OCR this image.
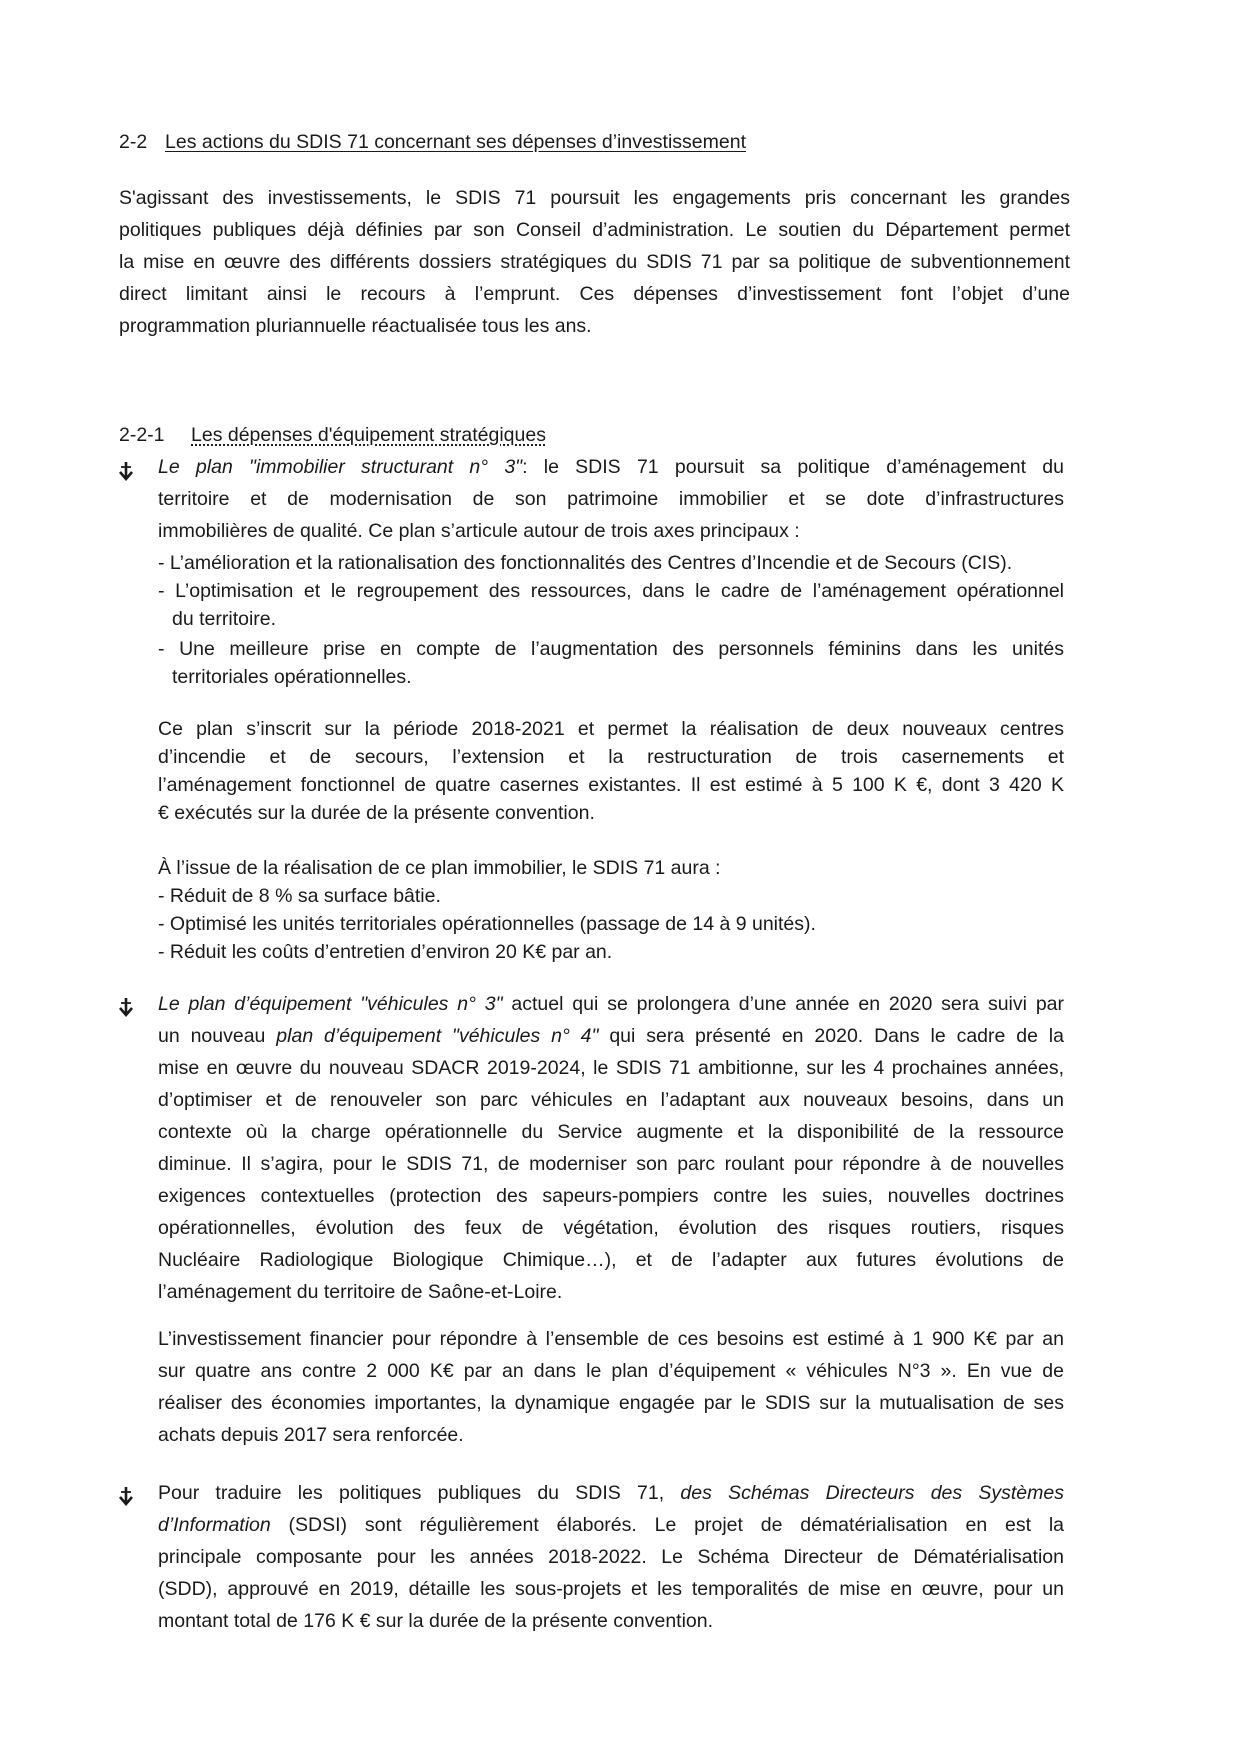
2-2 Les actions du SDIS 71 concernant ses dépenses d’investissement
S'agissant des investissements, le SDIS 71 poursuit les engagements pris concernant les grandes
politiques publiques déjà définies par son Conseil d’administration. Le soutien du Département permet
la mise en œuvre des différents dossiers stratégiques du SDIS 71 par sa politique de subventionnement
direct limitant ainsi le recours à l’emprunt. Ces dépenses d’investissement font l’objet d’une
programmation pluriannuelle réactualisée tous les ans.
2-2-1 Les dépenses d'équipement stratégiques
Le plan "immobilier structurant n° 3": le SDIS 71 poursuit sa politique d’aménagement du
territoire et de modernisation de son patrimoine immobilier et se dote d’infrastructures
immobilières de qualité. Ce plan s’articule autour de trois axes principaux :
- L’amélioration et la rationalisation des fonctionnalités des Centres d’Incendie et de Secours (CIS).
- L’optimisation et le regroupement des ressources, dans le cadre de l’aménagement opérationnel
du territoire.
- Une meilleure prise en compte de l’augmentation des personnels féminins dans les unités
territoriales opérationnelles.
Ce plan s’inscrit sur la période 2018-2021 et permet la réalisation de deux nouveaux centres
d’incendie et de secours, l’extension et la restructuration de trois casernements et
l’aménagement fonctionnel de quatre casernes existantes. Il est estimé à 5 100 K €, dont 3 420 K
€ exécutés sur la durée de la présente convention.
À l’issue de la réalisation de ce plan immobilier, le SDIS 71 aura :
- Réduit de 8 % sa surface bâtie.
- Optimisé les unités territoriales opérationnelles (passage de 14 à 9 unités).
- Réduit les coûts d’entretien d’environ 20 K€ par an.
Le plan d’équipement "véhicules n° 3" actuel qui se prolongera d’une année en 2020 sera suivi par
un nouveau plan d’équipement "véhicules n° 4" qui sera présenté en 2020. Dans le cadre de la
mise en œuvre du nouveau SDACR 2019-2024, le SDIS 71 ambitionne, sur les 4 prochaines années,
d’optimiser et de renouveler son parc véhicules en l’adaptant aux nouveaux besoins, dans un
contexte où la charge opérationnelle du Service augmente et la disponibilité de la ressource
diminue. Il s’agira, pour le SDIS 71, de moderniser son parc roulant pour répondre à de nouvelles
exigences contextuelles (protection des sapeurs-pompiers contre les suies, nouvelles doctrines
opérationnelles, évolution des feux de végétation, évolution des risques routiers, risques
Nucléaire Radiologique Biologique Chimique…), et de l’adapter aux futures évolutions de
l’aménagement du territoire de Saône-et-Loire.
L’investissement financier pour répondre à l’ensemble de ces besoins est estimé à 1 900 K€ par an
sur quatre ans contre 2 000 K€ par an dans le plan d’équipement « véhicules N°3 ». En vue de
réaliser des économies importantes, la dynamique engagée par le SDIS sur la mutualisation de ses
achats depuis 2017 sera renforcée.
Pour traduire les politiques publiques du SDIS 71, des Schémas Directeurs des Systèmes
d’Information (SDSI) sont régulièrement élaborés. Le projet de dématérialisation en est la
principale composante pour les années 2018-2022. Le Schéma Directeur de Dématérialisation
(SDD), approuvé en 2019, détaille les sous-projets et les temporalités de mise en œuvre, pour un
montant total de 176 K € sur la durée de la présente convention.
